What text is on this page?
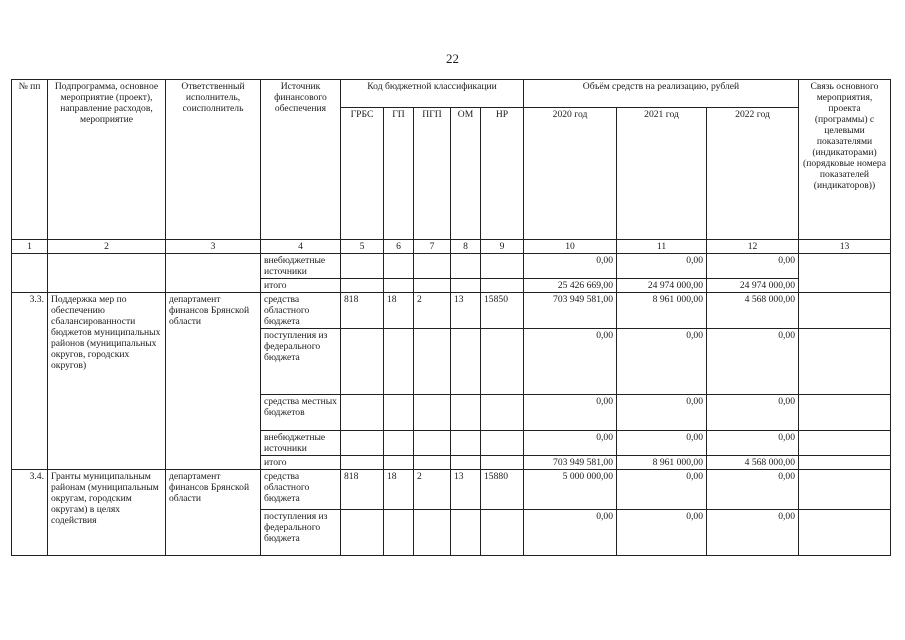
22
№ пп	Подпрограмма, основное мероприятие (проект), направление расходов, мероприятие	Ответственный исполнитель, соисполнитель	Источник финансового обеспечения	Код бюджетной классификации					Объём средств на реализацию, рублей			Связь основного мероприятия, проекта (программы) с целевыми показателями (индикаторами) (порядковые номера показателей (индикаторов))
				ГРБС	ГП	ПГП	ОМ	НР	2020 год	2021 год	2022 год	
1	2	3	4	5	6	7	8	9	10	11	12	13
			внебюджетные источники						0,00	0,00	0,00	
			итого						25 426 669,00	24 974 000,00	24 974 000,00	
3.3.	Поддержка мер по обеспечению сбалансированности бюджетов муниципальных районов (муниципальных округов, городских округов)	департамент финансов Брянской области	средства областного бюджета	818	18	2	13	15850	703 949 581,00	8 961 000,00	4 568 000,00	
			поступления из федерального бюджета						0,00	0,00	0,00	
			средства местных бюджетов						0,00	0,00	0,00	
			внебюджетные источники						0,00	0,00	0,00	
			итого						703 949 581,00	8 961 000,00	4 568 000,00	
3.4.	Гранты муниципальным районам (муниципальным округам, городским округам) в целях содействия	департамент финансов Брянской области	средства областного бюджета	818	18	2	13	15880	5 000 000,00	0,00	0,00	
			поступления из федерального бюджета						0,00	0,00	0,00	
